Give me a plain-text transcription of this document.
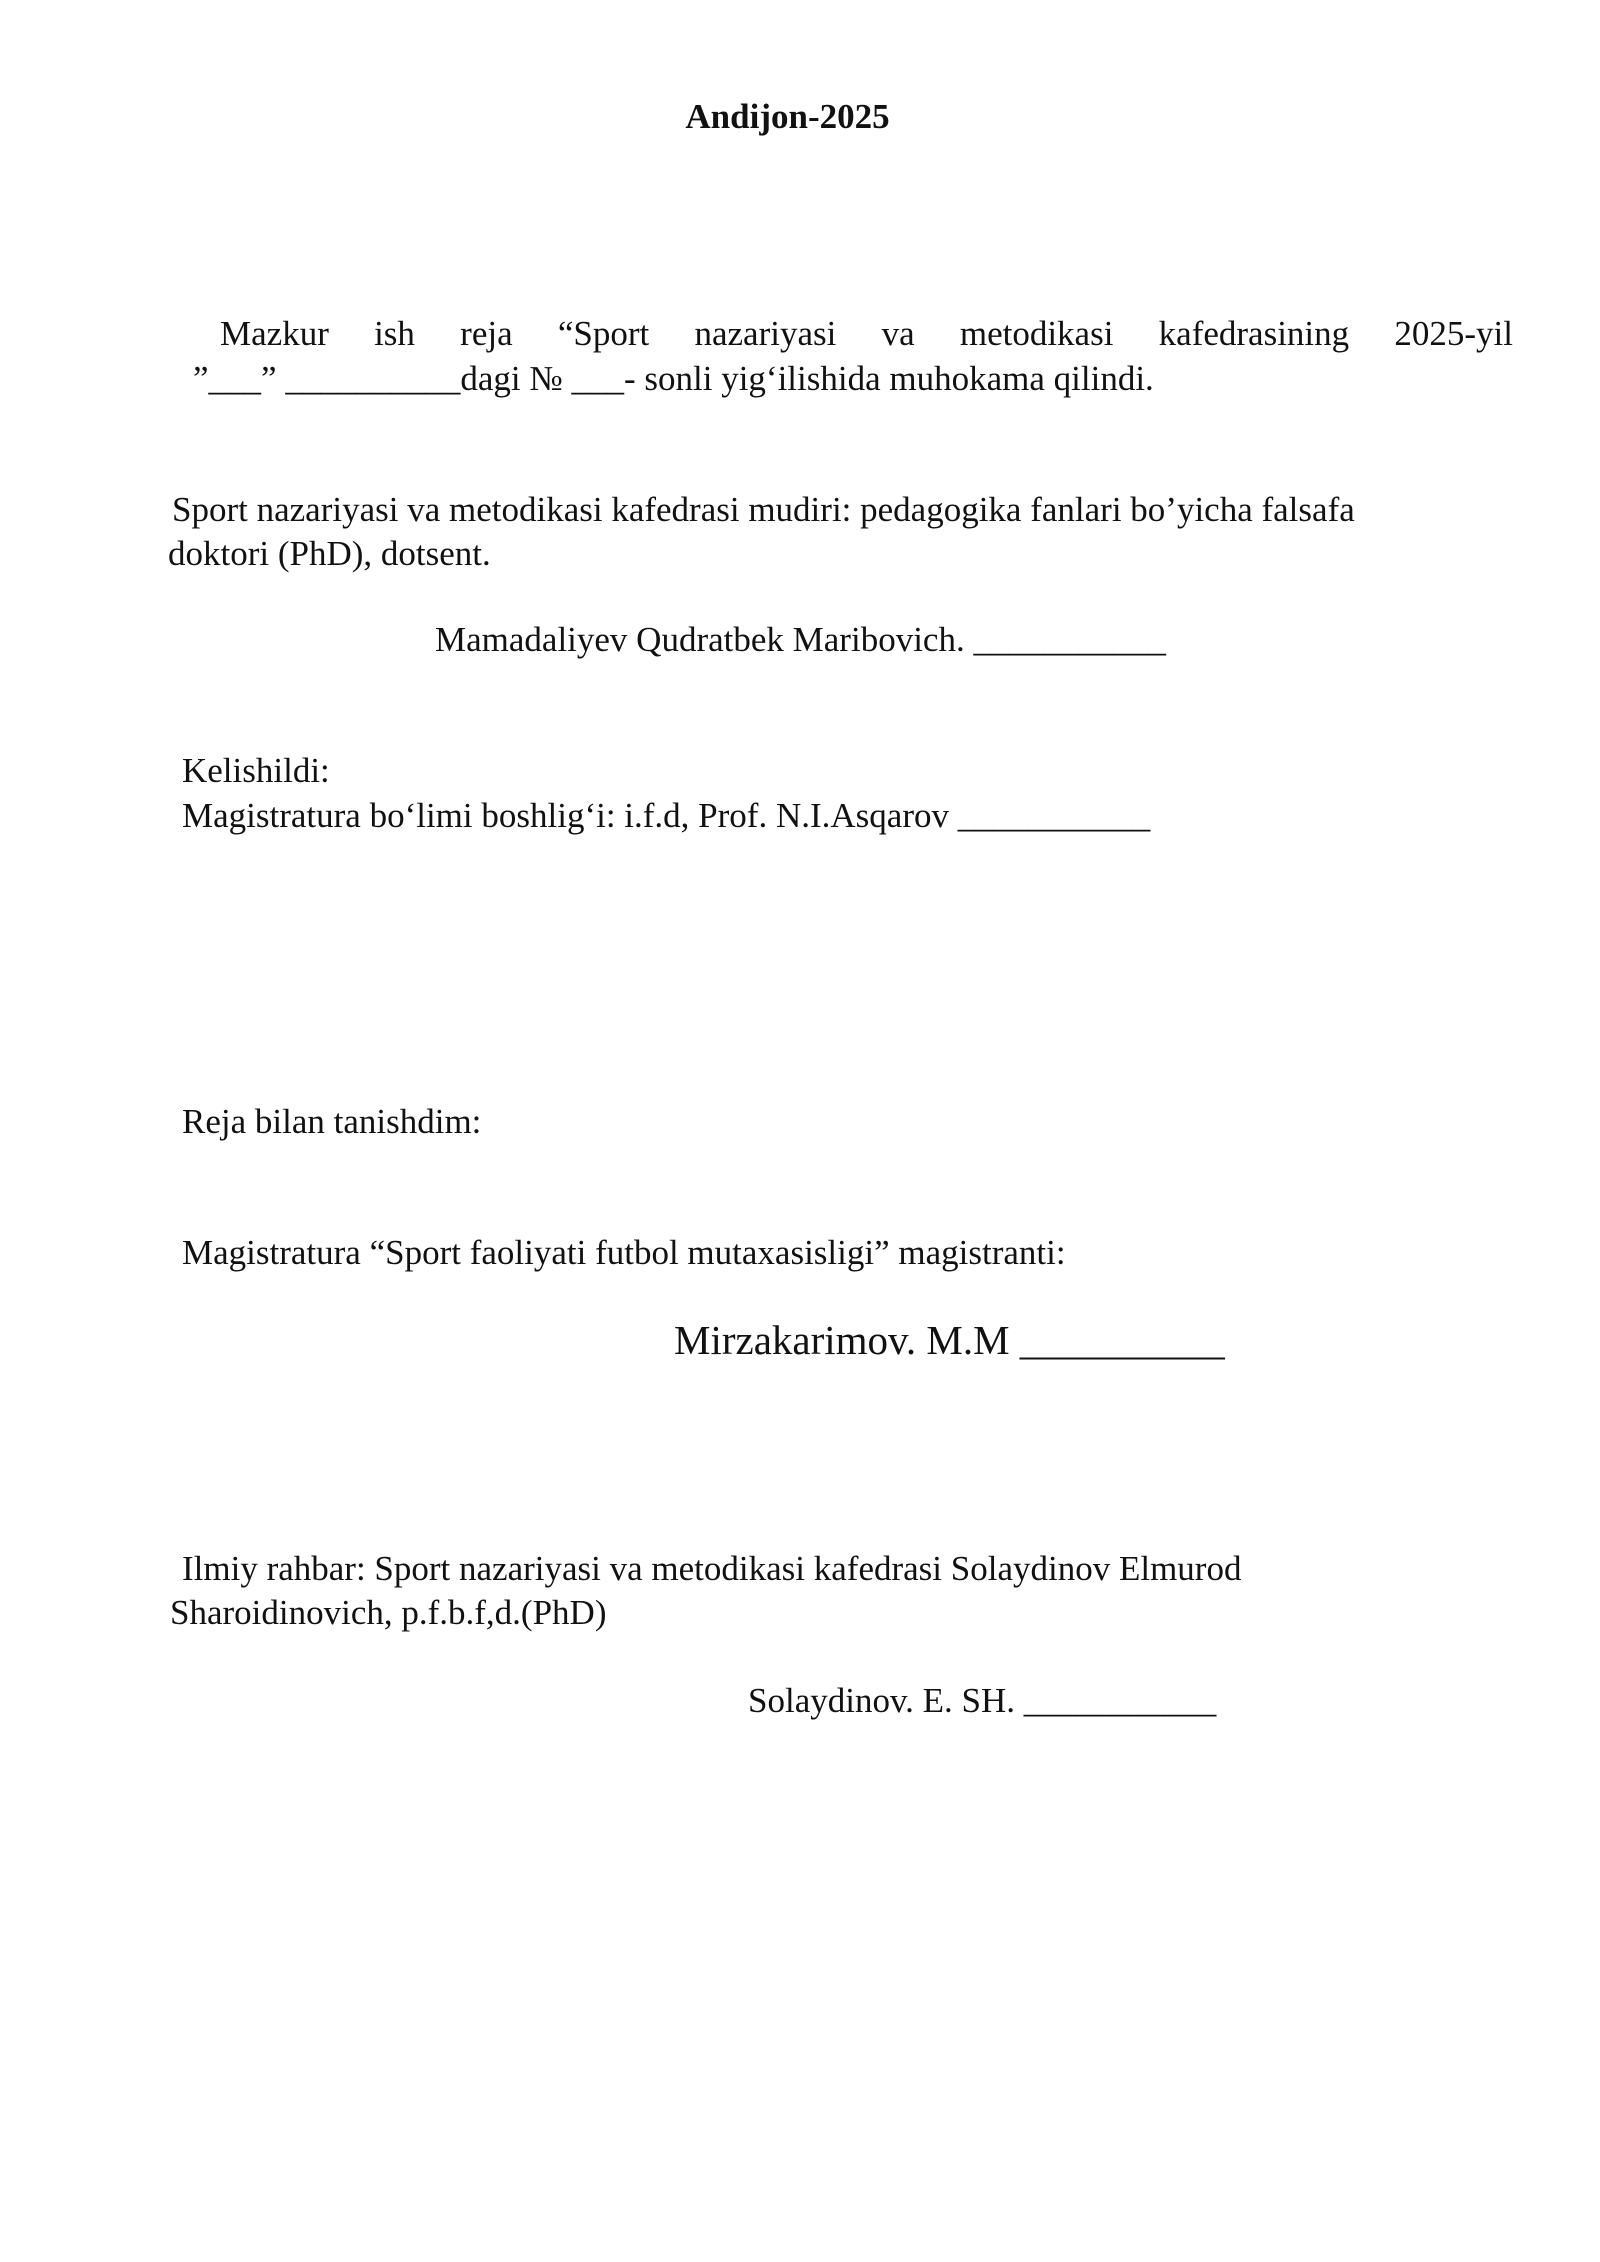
Andijon-2025
Mazkur ish reja “Sport nazariyasi va metodikasi kafedrasining 2025-yil
”___” __________dagi № ___- sonli yig‘ilishida muhokama qilindi.
Sport nazariyasi va metodikasi kafedrasi mudiri: pedagogika fanlari bo’yicha falsafa
doktori (PhD), dotsent.
Mamadaliyev Qudratbek Maribovich. ___________
Kelishildi:
Magistratura bo‘limi boshlig‘i: i.f.d, Prof. N.I.Asqarov ___________
Reja bilan tanishdim:
Magistratura “Sport faoliyati futbol mutaxasisligi” magistranti:
Mirzakarimov. M.M __________
Ilmiy rahbar: Sport nazariyasi va metodikasi kafedrasi Solaydinov Elmurod
Sharoidinovich, p.f.b.f,d.(PhD)
Solaydinov. E. SH. ___________
